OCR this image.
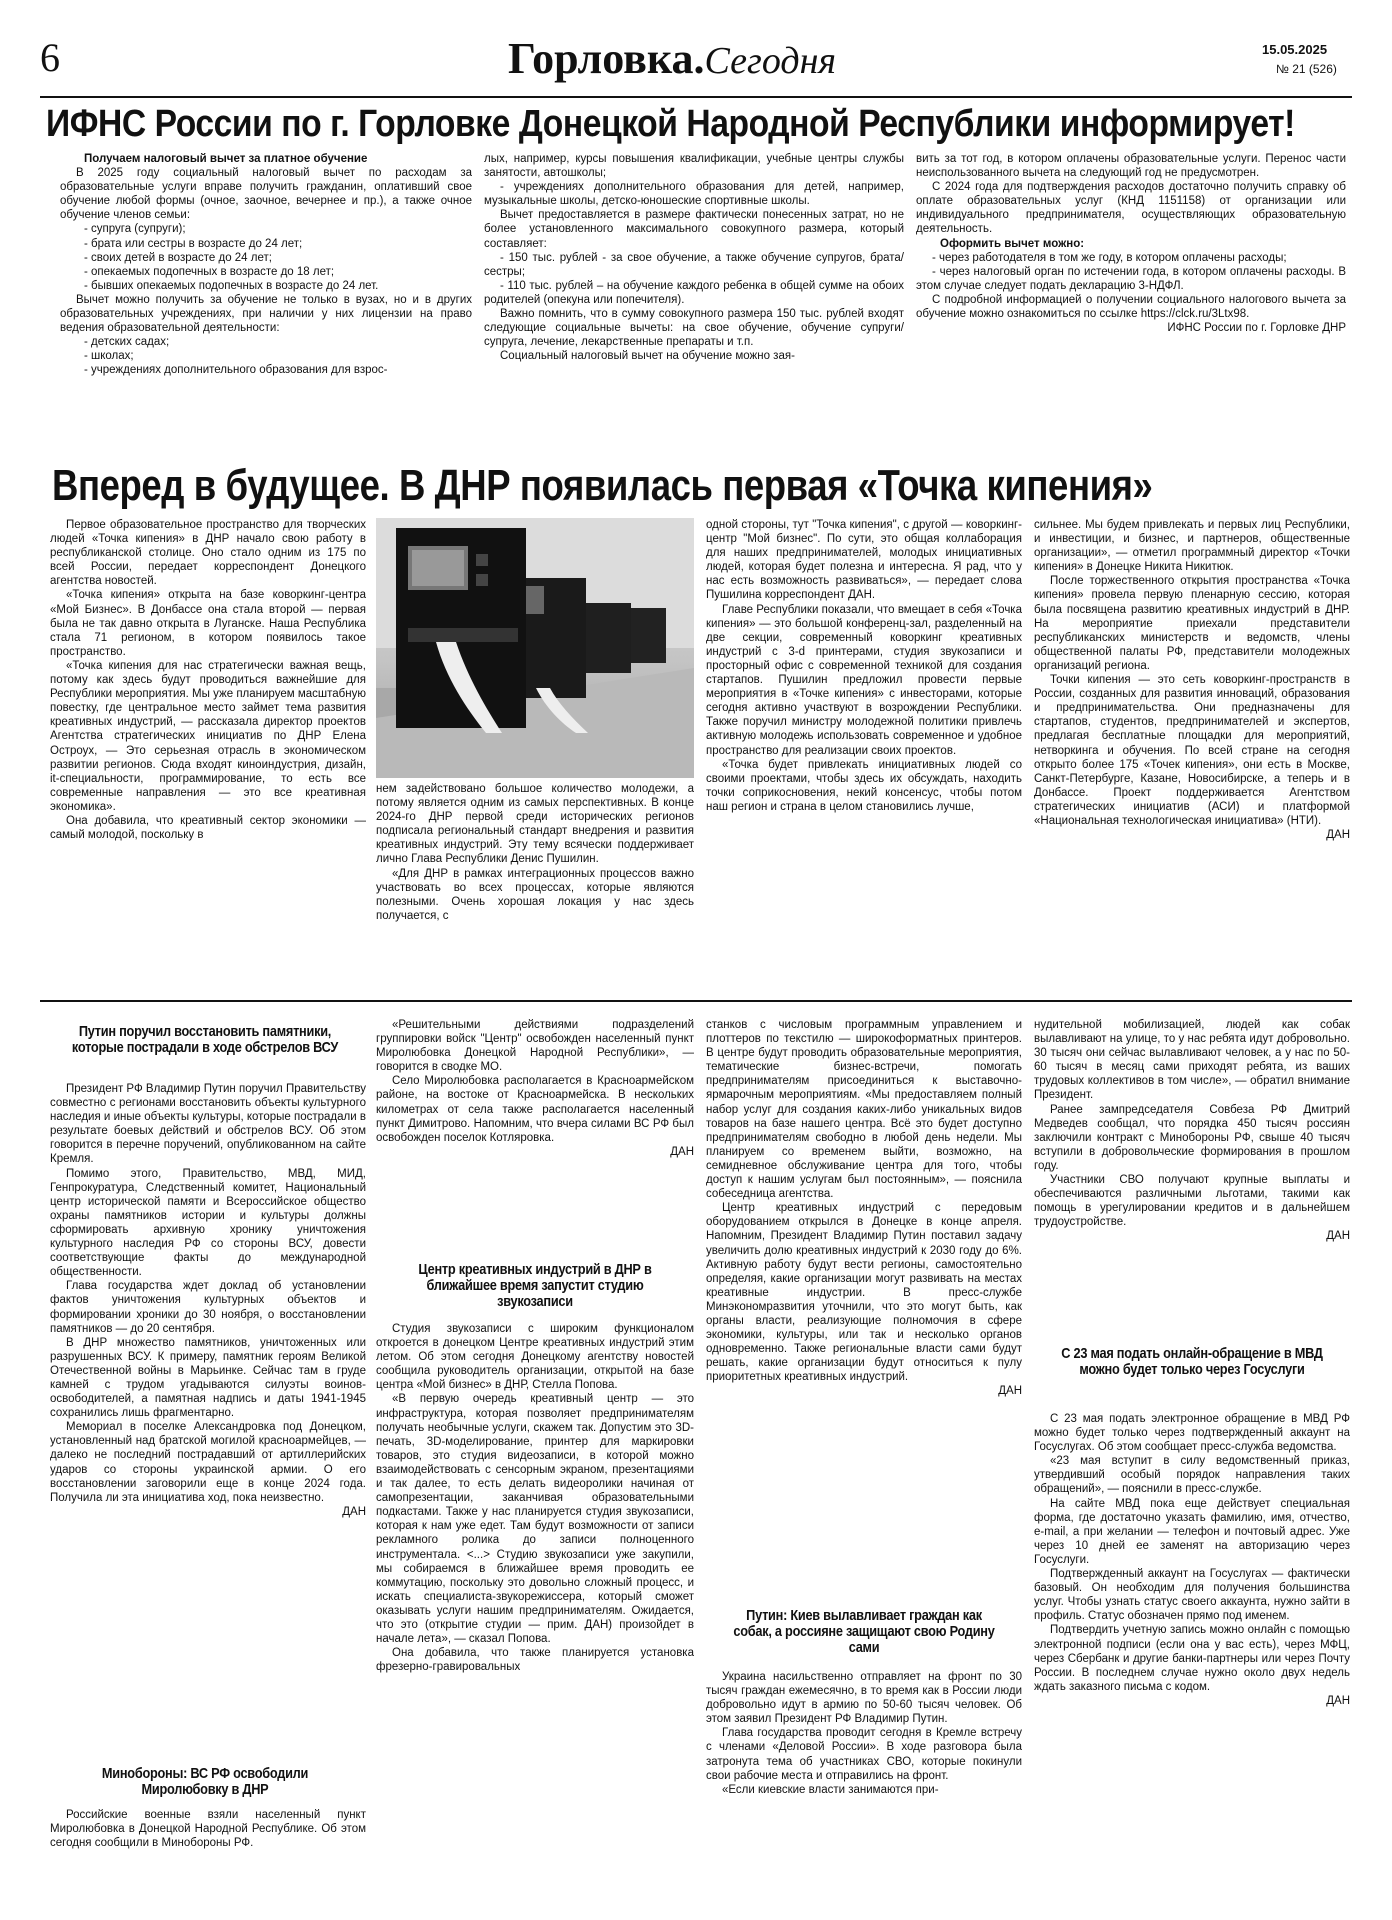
6	Горловка.Сегодня	15.05.2025
№ 21 (526)
ИФНС России по г. Горловке Донецкой Народной Республики информирует!

Получаем налоговый вычет за платное обучение

В 2025 году социальный налоговый вычет по расходам за образовательные услуги вправе получить гражданин, оплативший свое обучение любой формы (очное, заочное, вечернее и пр.), а также очное обучение членов семьи:

- супруга (супруги);

- брата или сестры в возрасте до 24 лет;

- своих детей в возрасте до 24 лет;

- опекаемых подопечных в возрасте до 18 лет;

- бывших опекаемых подопечных в возрасте до 24 лет.

Вычет можно получить за обучение не только в вузах, но и в других образовательных учреждениях, при наличии у них лицензии на право ведения образовательной деятельности:

- детских садах;

- школах;

- учреждениях дополнительного образования для взрос-

лых, например, курсы повышения квалификации, учебные центры службы занятости, автошколы;

- учреждениях дополнительного образования для детей, например, музыкальные школы, детско-юношеские спортивные школы.

Вычет предоставляется в размере фактически понесенных затрат, но не более установленного максимального совокупного размера, который составляет:

- 150 тыс. рублей - за свое обучение, а также обучение супругов, брата/сестры;

- 110 тыс. рублей – на обучение каждого ребенка в общей сумме на обоих родителей (опекуна или попечителя).

Важно помнить, что в сумму совокупного размера 150 тыс. рублей входят следующие социальные вычеты: на свое обучение, обучение супруги/супруга, лечение, лекарственные препараты и т.п.

Социальный налоговый вычет на обучение можно зая-

вить за тот год, в котором оплачены образовательные услуги. Перенос части неиспользованного вычета на следующий год не предусмотрен.

С 2024 года для подтверждения расходов достаточно получить справку об оплате образовательных услуг (КНД 1151158) от организации или индивидуального предпринимателя, осуществляющих образовательную деятельность.

Оформить вычет можно:

- через работодателя в том же году, в котором оплачены расходы;

- через налоговый орган по истечении года, в котором оплачены расходы. В этом случае следует подать декларацию 3-НДФЛ.

С подробной информацией о получении социального налогового вычета за обучение можно ознакомиться по ссылке https://clck.ru/3Ltx98.

ИФНС России по г. Горловке ДНР

Вперед в будущее. В ДНР появилась первая «Точка кипения»

Первое образовательное пространство для творческих людей «Точка кипения» в ДНР начало свою работу в республиканской столице. Оно стало одним из 175 по всей России, передает корреспондент Донецкого агентства новостей.

«Точка кипения» открыта на базе коворкинг-центра «Мой Бизнес». В Донбассе она стала второй — первая была не так давно открыта в Луганске. Наша Республика стала 71 регионом, в котором появилось такое пространство.

«Точка кипения для нас стратегически важная вещь, потому как здесь будут проводиться важнейшие для Республики мероприятия. Мы уже планируем масштабную повестку, где центральное место займет тема развития креативных индустрий, — рассказала директор проектов Агентства стратегических инициатив по ДНР Елена Остроух, — Это серьезная отрасль в экономическом развитии регионов. Сюда входят киноиндустрия, дизайн, it-специальности, программирование, то есть все современные направления — это все креативная экономика».

Она добавила, что креативный сектор экономики — самый молодой, поскольку в

нем задействовано большое количество молодежи, а потому является одним из самых перспективных. В конце 2024-го ДНР первой среди исторических регионов подписала региональный стандарт внедрения и развития креативных индустрий. Эту тему всячески поддерживает лично Глава Республики Денис Пушилин.

«Для ДНР в рамках интеграционных процессов важно участвовать во всех процессах, которые являются полезными. Очень хорошая локация у нас здесь получается, с

одной стороны, тут "Точка кипения", с другой — коворкинг-центр "Мой бизнес". По сути, это общая коллаборация для наших предпринимателей, молодых инициативных людей, которая будет полезна и интересна. Я рад, что у нас есть возможность развиваться», — передает слова Пушилина корреспондент ДАН.

Главе Республики показали, что вмещает в себя «Точка кипения» — это большой конференц-зал, разделенный на две секции, современный коворкинг креативных индустрий с 3-d принтерами, студия звукозаписи и просторный офис с современной техникой для создания стартапов. Пушилин предложил провести первые мероприятия в «Точке кипения» с инвесторами, которые сегодня активно участвуют в возрождении Республики. Также поручил министру молодежной политики привлечь активную молодежь использовать современное и удобное пространство для реализации своих проектов.

«Точка будет привлекать инициативных людей со своими проектами, чтобы здесь их обсуждать, находить точки соприкосновения, некий консенсус, чтобы потом наш регион и страна в целом становились лучше,

сильнее. Мы будем привлекать и первых лиц Республики, и инвестиции, и бизнес, и партнеров, общественные организации», — отметил программный директор «Точки кипения» в Донецке Никита Никитюк.

После торжественного открытия пространства «Точка кипения» провела первую пленарную сессию, которая была посвящена развитию креативных индустрий в ДНР. На мероприятие приехали представители республиканских министерств и ведомств, члены общественной палаты РФ, представители молодежных организаций региона.

Точки кипения — это сеть коворкинг-пространств в России, созданных для развития инноваций, образования и предпринимательства. Они предназначены для стартапов, студентов, предпринимателей и экспертов, предлагая бесплатные площадки для мероприятий, нетворкинга и обучения. По всей стране на сегодня открыто более 175 «Точек кипения», они есть в Москве, Санкт-Петербурге, Казане, Новосибирске, а теперь и в Донбассе. Проект поддерживается Агентством стратегических инициатив (АСИ) и платформой «Национальная технологическая инициатива» (НТИ).

ДАН

Путин поручил восстановить памятники, которые пострадали в ходе обстрелов ВСУ

Президент РФ Владимир Путин поручил Правительству совместно с регионами восстановить объекты культурного наследия и иные объекты культуры, которые пострадали в результате боевых действий и обстрелов ВСУ. Об этом говорится в перечне поручений, опубликованном на сайте Кремля.

Помимо этого, Правительство, МВД, МИД, Генпрокуратура, Следственный комитет, Национальный центр исторической памяти и Всероссийское общество охраны памятников истории и культуры должны сформировать архивную хронику уничтожения культурного наследия РФ со стороны ВСУ, довести соответствующие факты до международной общественности.

Глава государства ждет доклад об установлении фактов уничтожения культурных объектов и формировании хроники до 30 ноября, о восстановлении памятников — до 20 сентября.

В ДНР множество памятников, уничтоженных или разрушенных ВСУ. К примеру, памятник героям Великой Отечественной войны в Марьинке. Сейчас там в груде камней с трудом угадываются силуэты воинов-освободителей, а памятная надпись и даты 1941-1945 сохранились лишь фрагментарно.

Мемориал в поселке Александровка под Донецком, установленный над братской могилой красноармейцев, — далеко не последний пострадавший от артиллерийских ударов со стороны украинской армии. О его восстановлении заговорили еще в конце 2024 года. Получила ли эта инициатива ход, пока неизвестно.

ДАН

Минобороны: ВС РФ освободили Миролюбовку в ДНР

Российские военные взяли населенный пункт Миролюбовка в Донецкой Народной Республике. Об этом сегодня сообщили в Минобороны РФ.

«Решительными действиями подразделений группировки войск "Центр" освобожден населенный пункт Миролюбовка Донецкой Народной Республики», — говорится в сводке МО.

Село Миролюбовка располагается в Красноармейском районе, на востоке от Красноармейска. В нескольких километрах от села также располагается населенный пункт Димитрово. Напомним, что вчера силами ВС РФ был освобожден поселок Котляровка.

ДАН

Центр креативных индустрий в ДНР в ближайшее время запустит студию звукозаписи

Студия звукозаписи с широким функционалом откроется в донецком Центре креативных индустрий этим летом. Об этом сегодня Донецкому агентству новостей сообщила руководитель организации, открытой на базе центра «Мой бизнес» в ДНР, Стелла Попова.

«В первую очередь креативный центр — это инфраструктура, которая позволяет предпринимателям получать необычные услуги, скажем так. Допустим это 3D-печать, 3D-моделирование, принтер для маркировки товаров, это студия видеозаписи, в которой можно взаимодействовать с сенсорным экраном, презентациями и так далее, то есть делать видеоролики начиная от самопрезентации, заканчивая образовательными подкастами. Также у нас планируется студия звукозаписи, которая к нам уже едет. Там будут возможности от записи рекламного ролика до записи полноценного инструментала. <...> Студию звукозаписи уже закупили, мы собираемся в ближайшее время проводить ее коммутацию, поскольку это довольно сложный процесс, и искать специалиста-звукорежиссера, который сможет оказывать услуги нашим предпринимателям. Ожидается, что это (открытие студии — прим. ДАН) произойдет в начале лета», — сказал Попова.

Она добавила, что также планируется установка фрезерно-гравировальных

станков с числовым программным управлением и плоттеров по текстилю — широкоформатных принтеров. В центре будут проводить образовательные мероприятия, тематические бизнес-встречи, помогать предпринимателям присоединиться к выставочно-ярмарочным мероприятиям. «Мы предоставляем полный набор услуг для создания каких-либо уникальных видов товаров на базе нашего центра. Всё это будет доступно предпринимателям свободно в любой день недели. Мы планируем со временем выйти, возможно, на семидневное обслуживание центра для того, чтобы доступ к нашим услугам был постоянным», — пояснила собеседница агентства.

Центр креативных индустрий с передовым оборудованием открылся в Донецке в конце апреля. Напомним, Президент Владимир Путин поставил задачу увеличить долю креативных индустрий к 2030 году до 6%. Активную работу будут вести регионы, самостоятельно определяя, какие организации могут развивать на местах креативные индустрии. В пресс-службе Минэкономразвития уточнили, что это могут быть, как органы власти, реализующие полномочия в сфере экономики, культуры, или так и несколько органов одновременно. Также региональные власти сами будут решать, какие организации будут относиться к пулу приоритетных креативных индустрий.

ДАН

Путин: Киев вылавливает граждан как собак, а россияне защищают свою Родину сами

Украина насильственно отправляет на фронт по 30 тысяч граждан ежемесячно, в то время как в России люди добровольно идут в армию по 50-60 тысяч человек. Об этом заявил Президент РФ Владимир Путин.

Глава государства проводит сегодня в Кремле встречу с членами «Деловой России». В ходе разговора была затронута тема об участниках СВО, которые покинули свои рабочие места и отправились на фронт.

«Если киевские власти занимаются при-

нудительной мобилизацией, людей как собак вылавливают на улице, то у нас ребята идут добровольно. 30 тысяч они сейчас вылавливают человек, а у нас по 50-60 тысяч в месяц сами приходят ребята, из ваших трудовых коллективов в том числе», — обратил внимание Президент.

Ранее зампредседателя Совбеза РФ Дмитрий Медведев сообщал, что порядка 450 тысяч россиян заключили контракт с Минобороны РФ, свыше 40 тысяч вступили в добровольческие формирования в прошлом году.

Участники СВО получают крупные выплаты и обеспечиваются различными льготами, такими как помощь в урегулировании кредитов и в дальнейшем трудоустройстве.

ДАН

С 23 мая подать онлайн-обращение в МВД можно будет только через Госуслуги

С 23 мая подать электронное обращение в МВД РФ можно будет только через подтвержденный аккаунт на Госуслугах. Об этом сообщает пресс-служба ведомства.

«23 мая вступит в силу ведомственный приказ, утвердивший особый порядок направления таких обращений», — пояснили в пресс-службе.

На сайте МВД пока еще действует специальная форма, где достаточно указать фамилию, имя, отчество, e-mail, а при желании — телефон и почтовый адрес. Уже через 10 дней ее заменят на авторизацию через Госуслуги.

Подтвержденный аккаунт на Госуслугах — фактически базовый. Он необходим для получения большинства услуг. Чтобы узнать статус своего аккаунта, нужно зайти в профиль. Статус обозначен прямо под именем.

Подтвердить учетную запись можно онлайн с помощью электронной подписи (если она у вас есть), через МФЦ, через Сбербанк и другие банки-партнеры или через Почту России. В последнем случае нужно около двух недель ждать заказного письма с кодом.

ДАН
